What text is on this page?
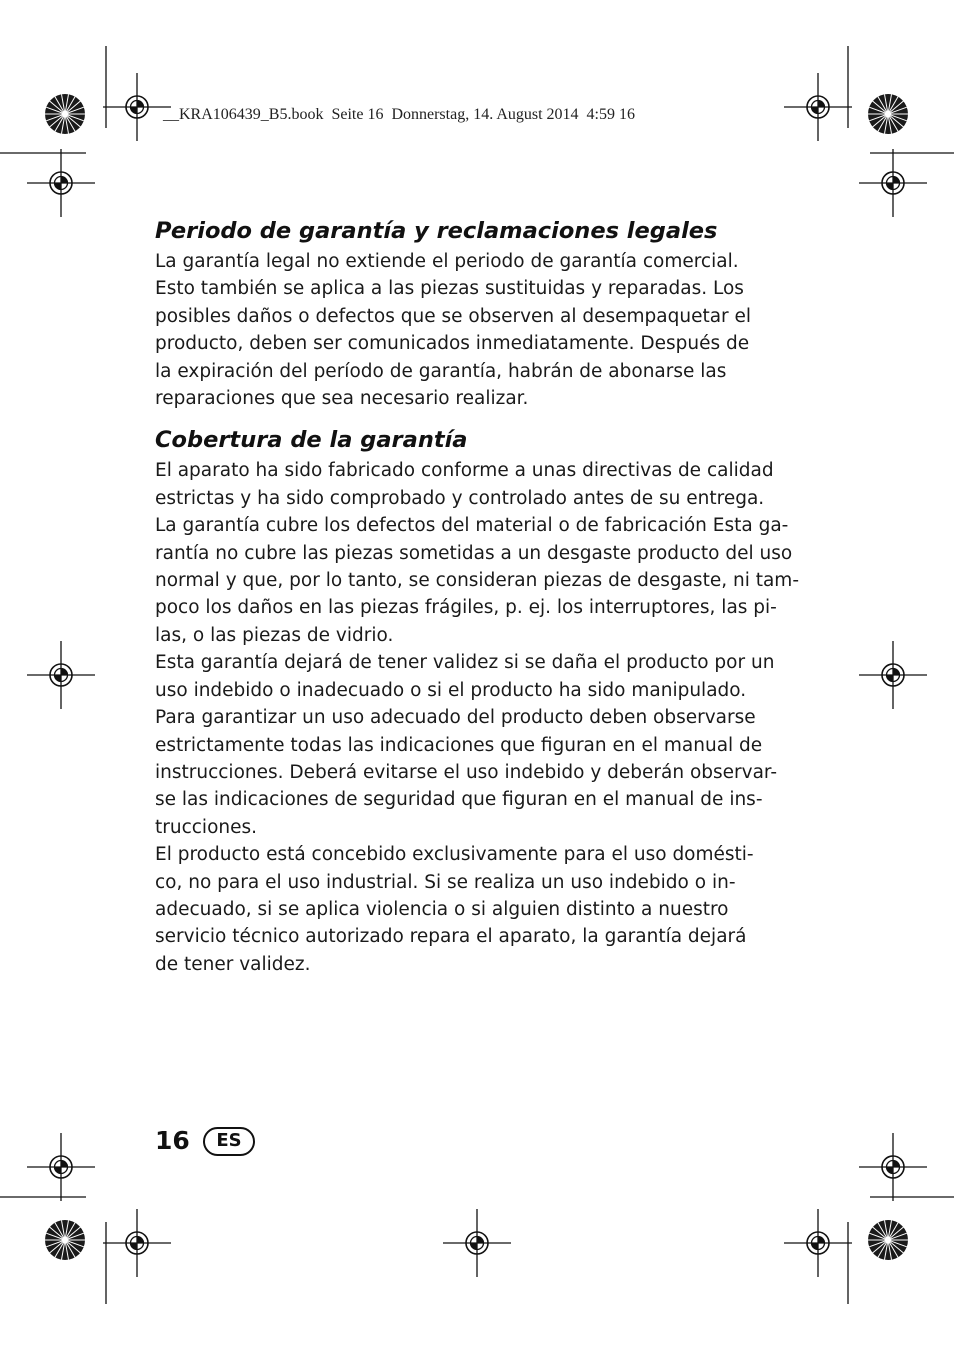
__KRA106439_B5.book  Seite 16  Donnerstag, 14. August 2014  4:59 16
Periodo de garantía y reclamaciones legales
La garantía legal no extiende el periodo de garantía comercial.
Esto también se aplica a las piezas sustituidas y reparadas. Los
posibles daños o defectos que se observen al desempaquetar el
producto, deben ser comunicados inmediatamente. Después de
la expiración del período de garantía, habrán de abonarse las
reparaciones que sea necesario realizar.
Cobertura de la garantía
El aparato ha sido fabricado conforme a unas directivas de calidad
estrictas y ha sido comprobado y controlado antes de su entrega.
La garantía cubre los defectos del material o de fabricación Esta ga-
rantía no cubre las piezas sometidas a un desgaste producto del uso
normal y que, por lo tanto, se consideran piezas de desgaste, ni tam-
poco los daños en las piezas frágiles, p. ej. los interruptores, las pi-
las, o las piezas de vidrio.
Esta garantía dejará de tener validez si se daña el producto por un
uso indebido o inadecuado o si el producto ha sido manipulado.
Para garantizar un uso adecuado del producto deben observarse
estrictamente todas las indicaciones que figuran en el manual de
instrucciones. Deberá evitarse el uso indebido y deberán observar-
se las indicaciones de seguridad que figuran en el manual de ins-
trucciones.
El producto está concebido exclusivamente para el uso domésti-
co, no para el uso industrial. Si se realiza un uso indebido o in-
adecuado, si se aplica violencia o si alguien distinto a nuestro
servicio técnico autorizado repara el aparato, la garantía dejará
de tener validez.
16	ES
